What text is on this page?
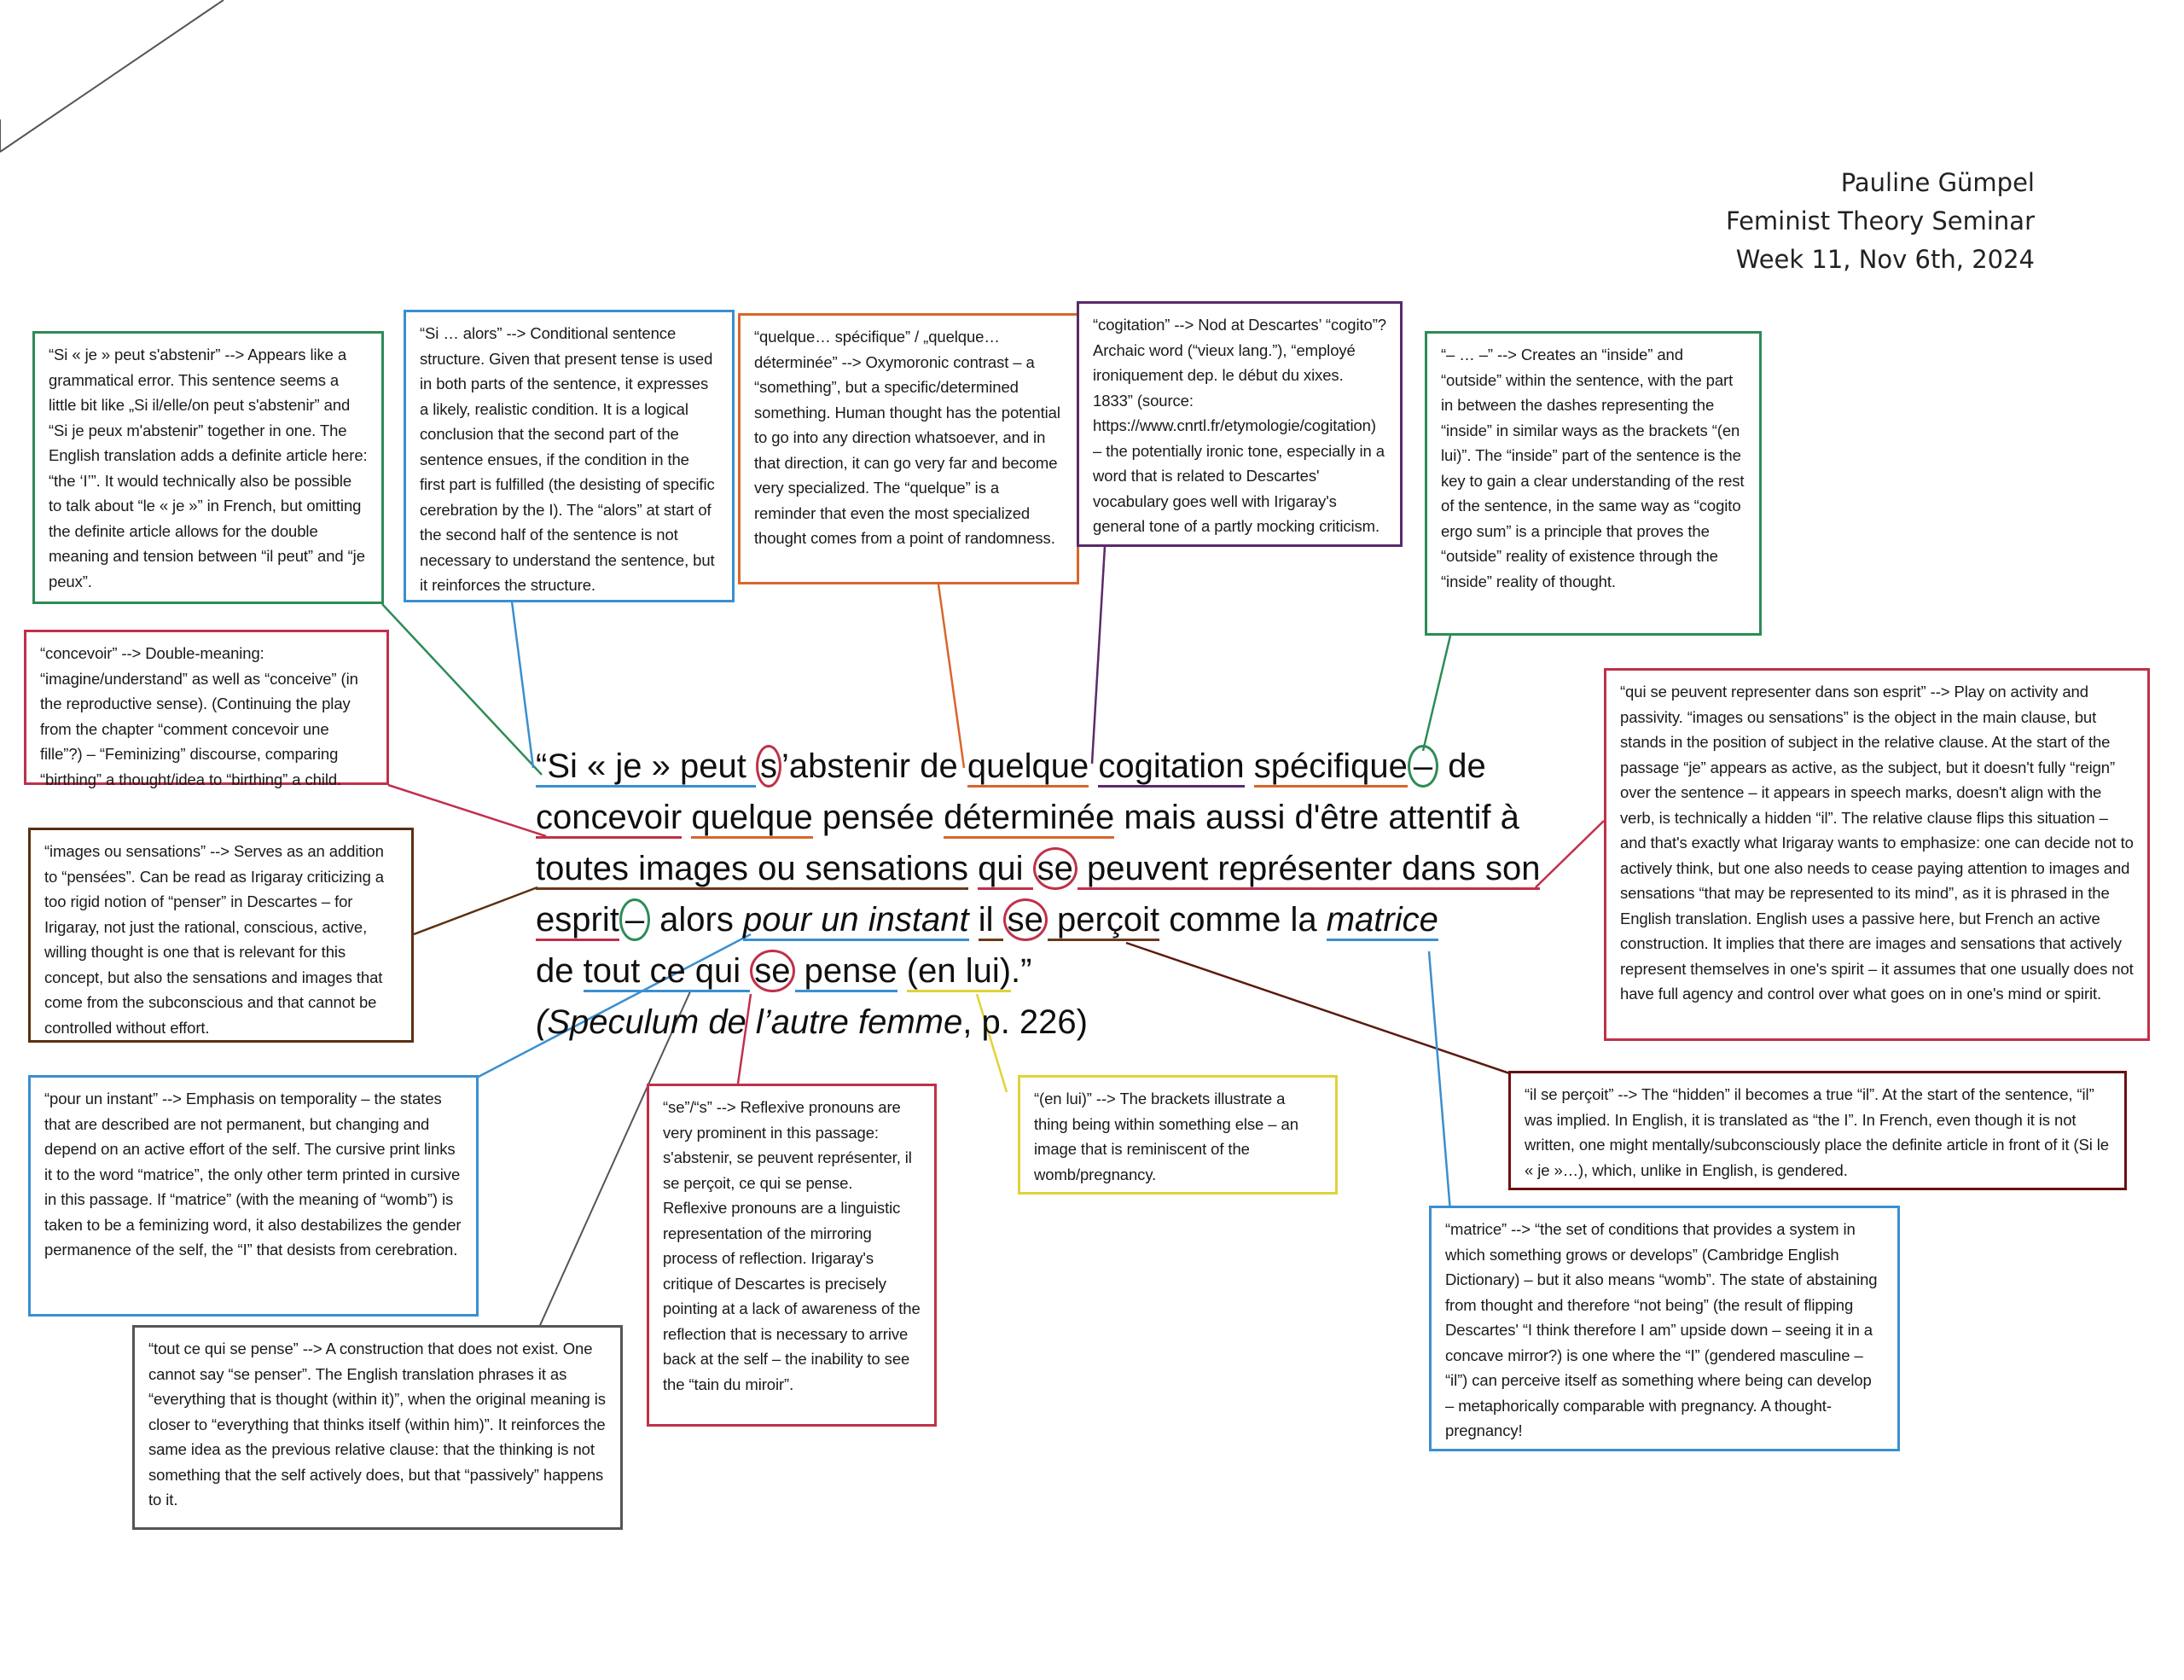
Pauline Gümpel
Feminist Theory Seminar
Week 11, Nov 6th, 2024
“Si « je » peut s ’abstenir de quelque cogitation spécifique – de
concevoir quelque pensée déterminée mais aussi d'être attentif à
toutes images ou sensations qui se peuvent représenter dans son
esprit – alors pour un instant il se perçoit comme la matrice
de tout ce qui se pense (en lui).”
(Speculum de l’autre femme, p. 226)
“Si « je » peut s'abstenir” --> Appears like a grammatical error. This sentence seems a little bit like „Si il/elle/on peut s'abstenir” and “Si je peux m'abstenir” together in one. The English translation adds a definite article here: “the ‘I’”. It would technically also be possible to talk about “le « je »” in French, but omitting the definite article allows for the double meaning and tension between “il peut” and “je peux”.
“Si … alors” --> Conditional sentence structure. Given that present tense is used in both parts of the sentence, it expresses a likely, realistic condition. It is a logical conclusion that the second part of the sentence ensues, if the condition in the first part is fulfilled (the desisting of specific cerebration by the I). The “alors” at start of the second half of the sentence is not necessary to understand the sentence, but it reinforces the structure.
“quelque… spécifique” / „quelque… déterminée” --> Oxymoronic contrast – a “something”, but a specific/determined something. Human thought has the potential to go into any direction whatsoever, and in that direction, it can go very far and become very specialized. The “quelque” is a reminder that even the most specialized thought comes from a point of randomness.
“cogitation” --> Nod at Descartes’ “cogito”? Archaic word (“vieux lang.”), “employé ironiquement dep. le début du xixes. 1833” (source: https://www.cnrtl.fr/etymologie/cogitation) – the potentially ironic tone, especially in a word that is related to Descartes' vocabulary goes well with Irigaray's general tone of a partly mocking criticism.
“– … –” --> Creates an “inside” and “outside” within the sentence, with the part in between the dashes representing the “inside” in similar ways as the brackets “(en lui)”. The “inside” part of the sentence is the key to gain a clear understanding of the rest of the sentence, in the same way as “cogito ergo sum” is a principle that proves the “outside” reality of existence through the “inside” reality of thought.
“concevoir” --> Double-meaning: “imagine/understand” as well as “conceive” (in the reproductive sense). (Continuing the play from the chapter “comment concevoir une fille”?) – “Feminizing” discourse, comparing “birthing” a thought/idea to “birthing” a child.
“images ou sensations” --> Serves as an addition to “pensées”. Can be read as Irigaray criticizing a too rigid notion of “penser” in Descartes – for Irigaray, not just the rational, conscious, active, willing thought is one that is relevant for this concept, but also the sensations and images that come from the subconscious and that cannot be controlled without effort.
“qui se peuvent representer dans son esprit” --> Play on activity and passivity. “images ou sensations” is the object in the main clause, but stands in the position of subject in the relative clause. At the start of the passage “je” appears as active, as the subject, but it doesn't fully “reign” over the sentence – it appears in speech marks, doesn't align with the verb, is technically a hidden “il”. The relative clause flips this situation – and that's exactly what Irigaray wants to emphasize: one can decide not to actively think, but one also needs to cease paying attention to images and sensations “that may be represented to its mind”, as it is phrased in the English translation. English uses a passive here, but French an active construction. It implies that there are images and sensations that actively represent themselves in one's spirit – it assumes that one usually does not have full agency and control over what goes on in one's mind or spirit.
“pour un instant” --> Emphasis on temporality – the states that are described are not permanent, but changing and depend on an active effort of the self. The cursive print links it to the word “matrice”, the only other term printed in cursive in this passage. If “matrice” (with the meaning of “womb”) is taken to be a feminizing word, it also destabilizes the gender permanence of the self, the “I” that desists from cerebration.
“se”/“s” --> Reflexive pronouns are very prominent in this passage: s'abstenir, se peuvent représenter, il se perçoit, ce qui se pense. Reflexive pronouns are a linguistic representation of the mirroring process of reflection. Irigaray's critique of Descartes is precisely pointing at a lack of awareness of the reflection that is necessary to arrive back at the self – the inability to see the “tain du miroir”.
“(en lui)” --> The brackets illustrate a thing being within something else – an image that is reminiscent of the womb/pregnancy.
“il se perçoit” --> The “hidden” il becomes a true “il”. At the start of the sentence, “il” was implied. In English, it is translated as “the I”. In French, even though it is not written, one might mentally/subconsciously place the definite article in front of it (Si le « je »…), which, unlike in English, is gendered.
“tout ce qui se pense” --> A construction that does not exist. One cannot say “se penser”. The English translation phrases it as “everything that is thought (within it)”, when the original meaning is closer to “everything that thinks itself (within him)”. It reinforces the same idea as the previous relative clause: that the thinking is not something that the self actively does, but that “passively” happens to it.
“matrice” --> “the set of conditions that provides a system in which something grows or develops” (Cambridge English Dictionary) – but it also means “womb”. The state of abstaining from thought and therefore “not being” (the result of flipping Descartes' “I think therefore I am” upside down – seeing it in a concave mirror?) is one where the “I” (gendered masculine – “il”) can perceive itself as something where being can develop – metaphorically comparable with pregnancy. A thought-pregnancy!
